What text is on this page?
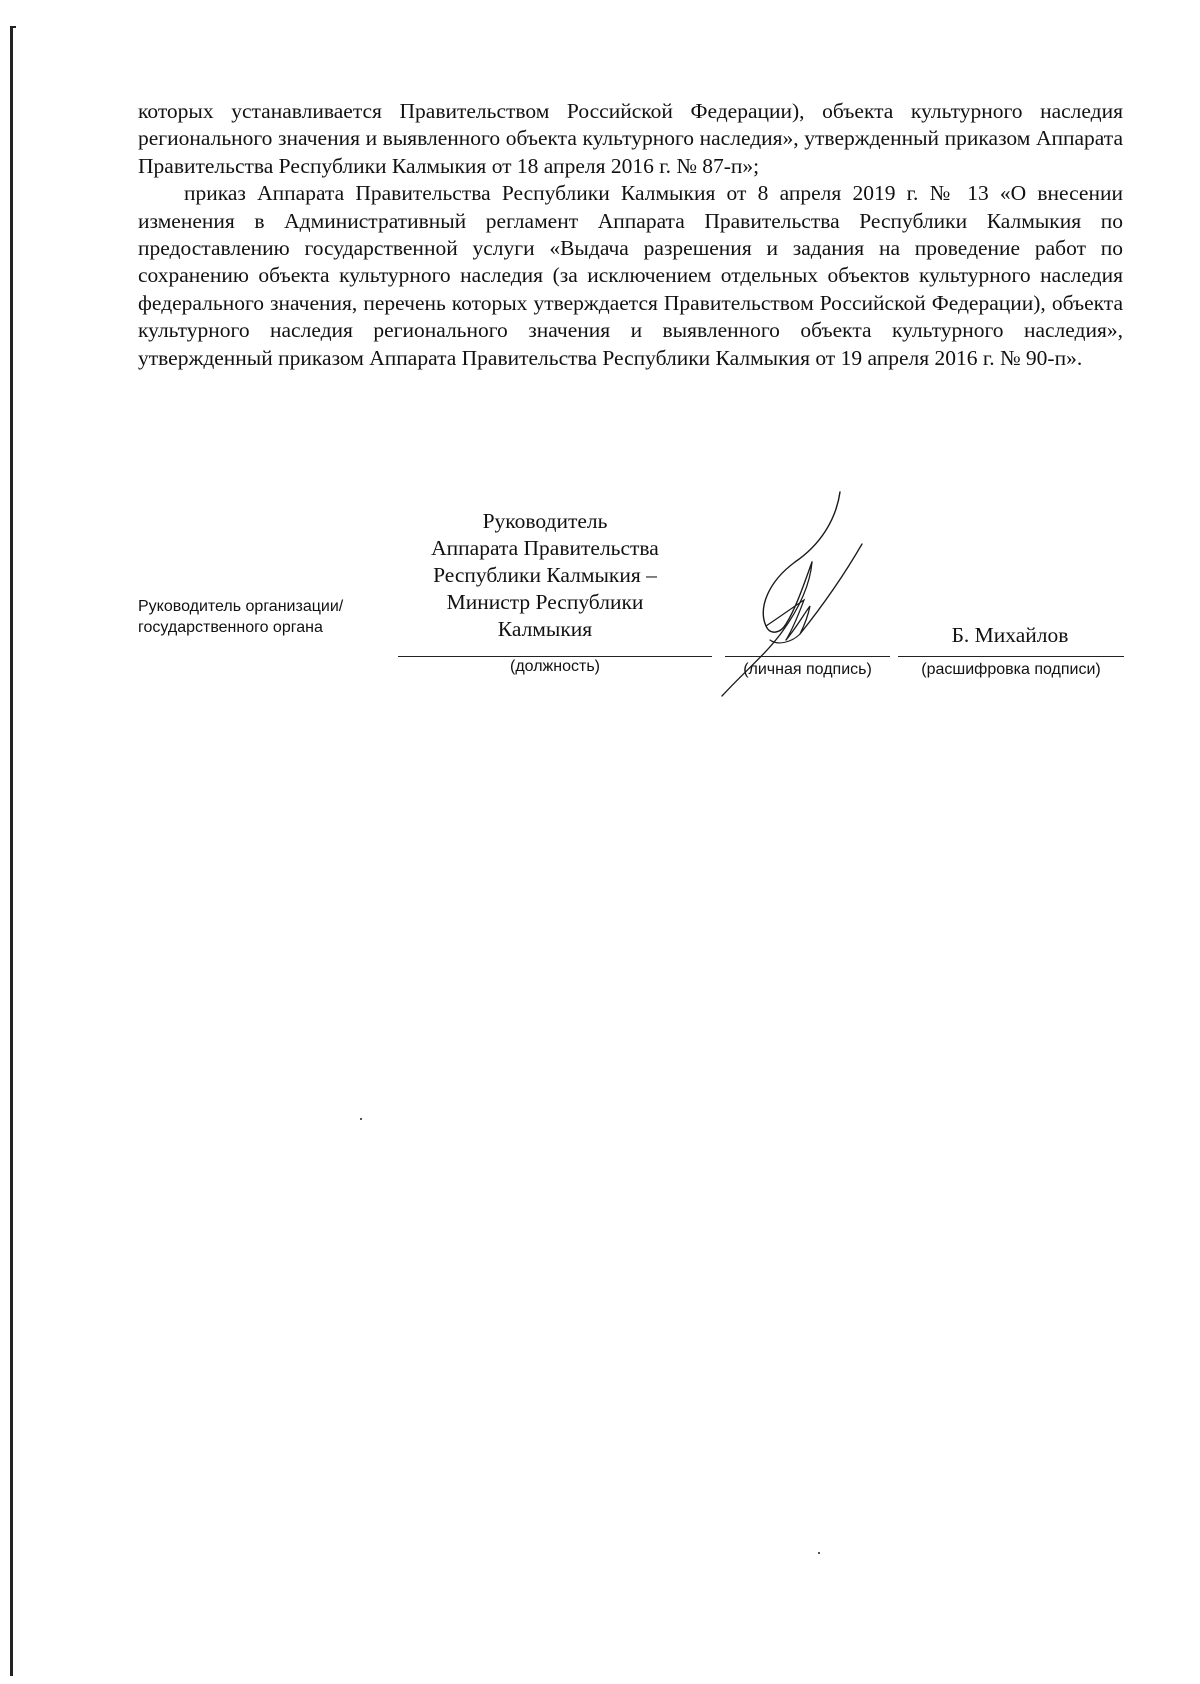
которых устанавливается Правительством Российской Федерации), объекта культурного наследия регионального значения и выявленного объекта культурного наследия», утвержденный приказом Аппарата Правительства Республики Калмыкия от 18 апреля 2016 г. № 87-п»;

приказ Аппарата Правительства Республики Калмыкия от 8 апреля 2019 г. № 13 «О внесении изменения в Административный регламент Аппарата Правительства Республики Калмыкия по предоставлению государственной услуги «Выдача разрешения и задания на проведение работ по сохранению объекта культурного наследия (за исключением отдельных объектов культурного наследия федерального значения, перечень которых утверждается Правительством Российской Федерации), объекта культурного наследия регионального значения и выявленного объекта культурного наследия», утвержденный приказом Аппарата Правительства Республики Калмыкия от 19 апреля 2016 г. № 90-п».

Руководитель
Аппарата Правительства
Республики Калмыкия –
Министр Республики
Калмыкия
Руководитель организации/
государственного органа
(должность)	(личная подпись)	(расшифровка подписи)
Б. Михайлов
